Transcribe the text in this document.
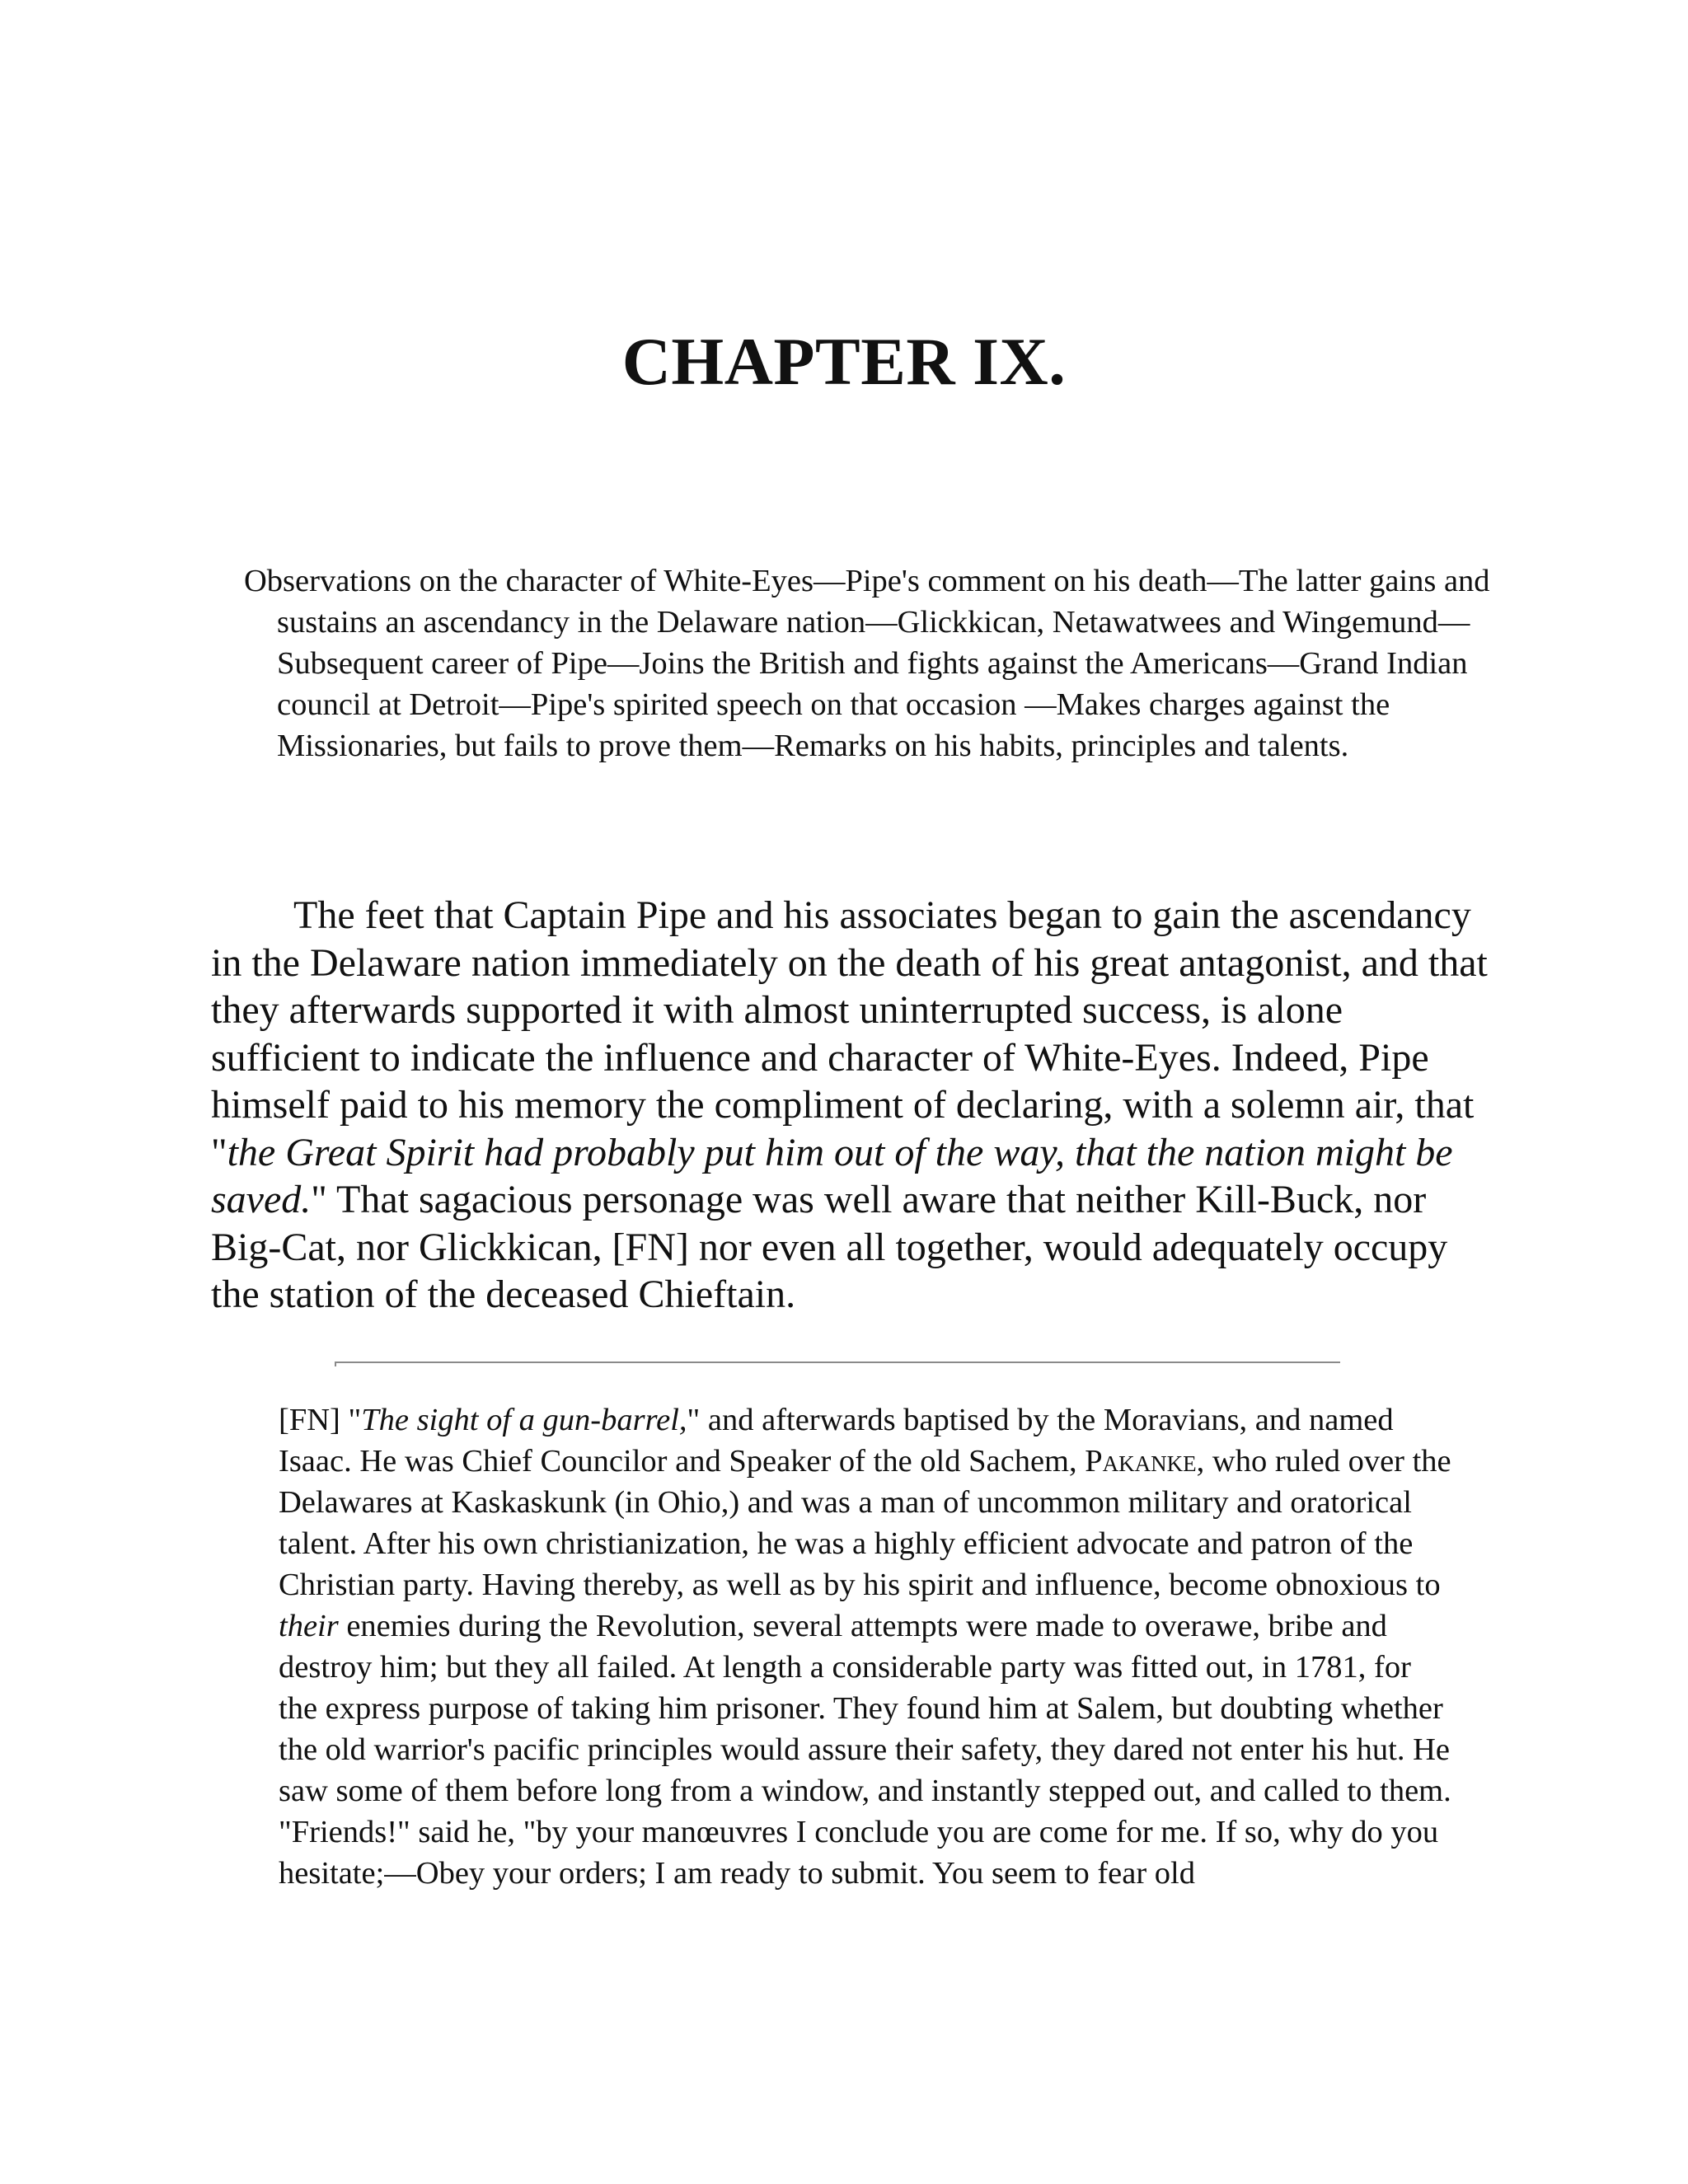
CHAPTER IX.

Observations on the character of White-Eyes—Pipe's comment on his death—The latter gains and sustains an ascendancy in the Delaware nation—Glickkican, Netawatwees and Wingemund—Subsequent career of Pipe—Joins the British and fights against the Americans—Grand Indian council at Detroit—Pipe's spirited speech on that occasion —Makes charges against the Missionaries, but fails to prove them—Remarks on his habits, principles and talents.

The feet that Captain Pipe and his associates began to gain the ascendancy in the Delaware nation immediately on the death of his great antagonist, and that they afterwards supported it with almost uninterrupted success, is alone sufficient to indicate the influence and character of White-Eyes. Indeed, Pipe himself paid to his memory the compliment of declaring, with a solemn air, that "the Great Spirit had probably put him out of the way, that the nation might be saved." That sagacious personage was well aware that neither Kill-Buck, nor Big-Cat, nor Glickkican, [FN] nor even all together, would adequately occupy the station of the deceased Chieftain.

[FN] "The sight of a gun-barrel," and afterwards baptised by the Moravians, and named Isaac. He was Chief Councilor and Speaker of the old Sachem, Pakanke, who ruled over the Delawares at Kaskaskunk (in Ohio,) and was a man of uncommon military and oratorical talent. After his own christianization, he was a highly efficient advocate and patron of the Christian party. Having thereby, as well as by his spirit and influence, become obnoxious to their enemies during the Revolution, several attempts were made to overawe, bribe and destroy him; but they all failed. At length a considerable party was fitted out, in 1781, for the express purpose of taking him prisoner. They found him at Salem, but doubting whether the old warrior's pacific principles would assure their safety, they dared not enter his hut. He saw some of them before long from a window, and instantly stepped out, and called to them. "Friends!" said he, "by your manœuvres I conclude you are come for me. If so, why do you hesitate;—Obey your orders; I am ready to submit. You seem to fear old
